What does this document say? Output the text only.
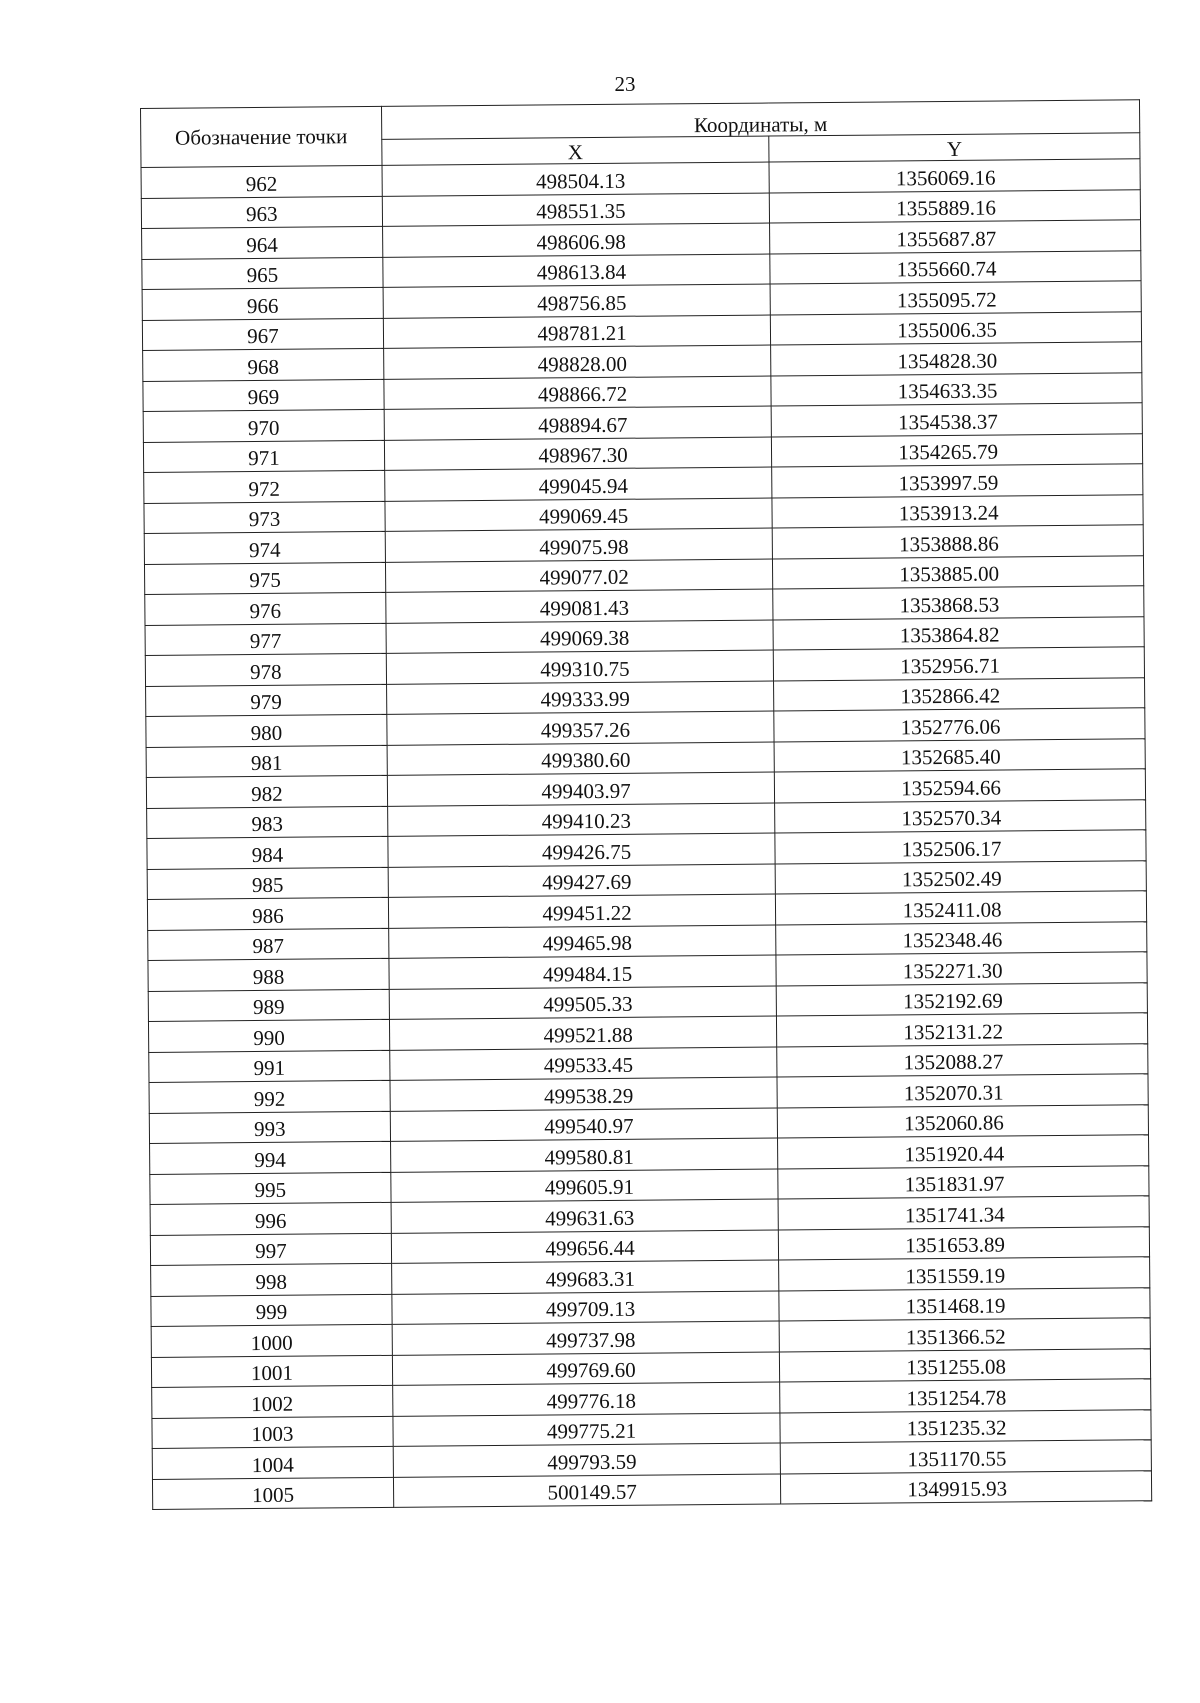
23
Обозначение точки	Координаты, м	
	X	Y
962	498504.13	1356069.16
963	498551.35	1355889.16
964	498606.98	1355687.87
965	498613.84	1355660.74
966	498756.85	1355095.72
967	498781.21	1355006.35
968	498828.00	1354828.30
969	498866.72	1354633.35
970	498894.67	1354538.37
971	498967.30	1354265.79
972	499045.94	1353997.59
973	499069.45	1353913.24
974	499075.98	1353888.86
975	499077.02	1353885.00
976	499081.43	1353868.53
977	499069.38	1353864.82
978	499310.75	1352956.71
979	499333.99	1352866.42
980	499357.26	1352776.06
981	499380.60	1352685.40
982	499403.97	1352594.66
983	499410.23	1352570.34
984	499426.75	1352506.17
985	499427.69	1352502.49
986	499451.22	1352411.08
987	499465.98	1352348.46
988	499484.15	1352271.30
989	499505.33	1352192.69
990	499521.88	1352131.22
991	499533.45	1352088.27
992	499538.29	1352070.31
993	499540.97	1352060.86
994	499580.81	1351920.44
995	499605.91	1351831.97
996	499631.63	1351741.34
997	499656.44	1351653.89
998	499683.31	1351559.19
999	499709.13	1351468.19
1000	499737.98	1351366.52
1001	499769.60	1351255.08
1002	499776.18	1351254.78
1003	499775.21	1351235.32
1004	499793.59	1351170.55
1005	500149.57	1349915.93
